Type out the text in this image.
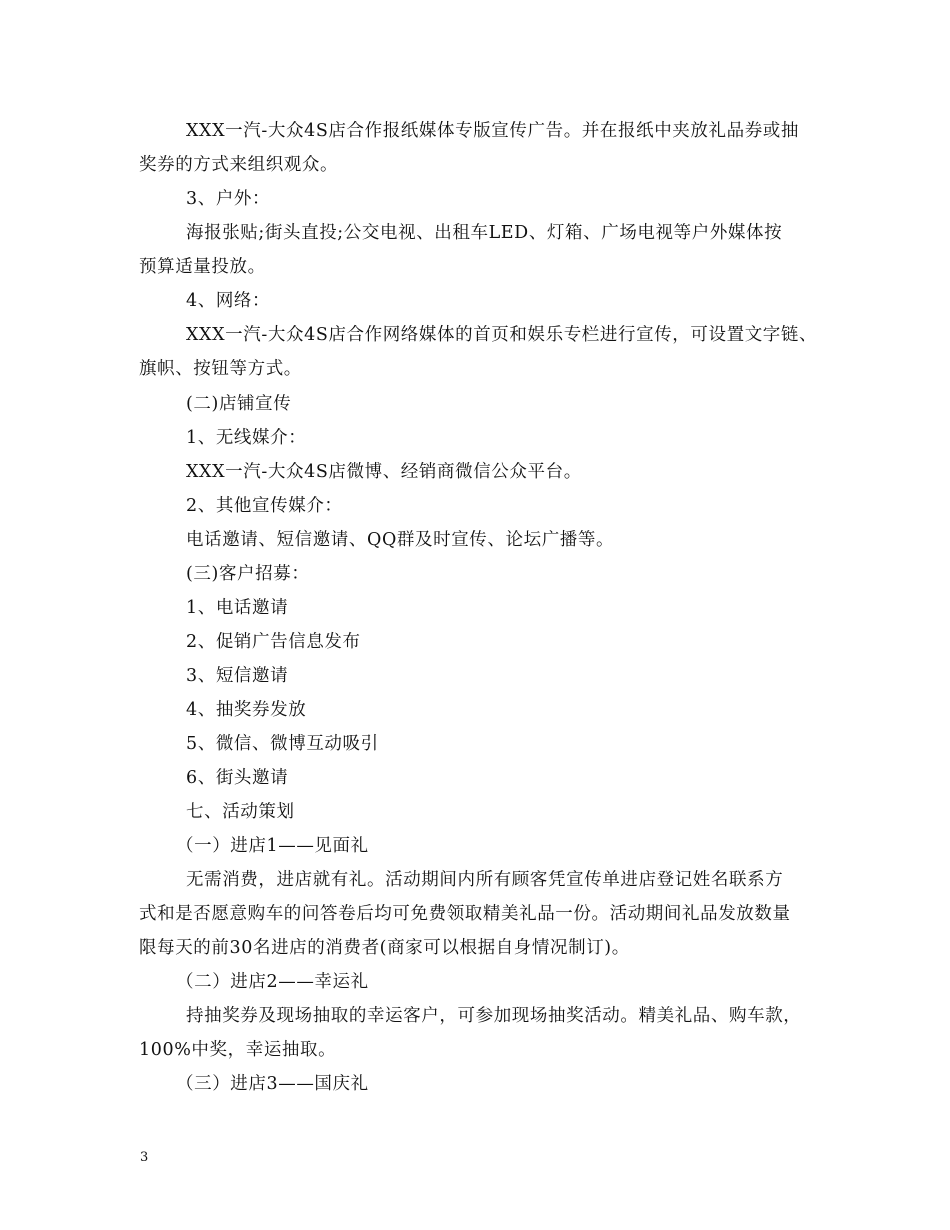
XXX一汽-大众4S店合作报纸媒体专版宣传广告。并在报纸中夹放礼品券或抽

奖券的方式来组织观众。

3、户外：

海报张贴;街头直投;公交电视、出租车LED、灯箱、广场电视等户外媒体按

预算适量投放。

4、网络：

XXX一汽-大众4S店合作网络媒体的首页和娱乐专栏进行宣传，可设置文字链、

旗帜、按钮等方式。

(二)店铺宣传

1、无线媒介：

XXX一汽-大众4S店微博、经销商微信公众平台。

2、其他宣传媒介：

电话邀请、短信邀请、QQ群及时宣传、论坛广播等。

(三)客户招募：

1、电话邀请

2、促销广告信息发布

3、短信邀请

4、抽奖券发放

5、微信、微博互动吸引

6、街头邀请

七、活动策划

（一）进店1——见面礼

无需消费，进店就有礼。活动期间内所有顾客凭宣传单进店登记姓名联系方

式和是否愿意购车的问答卷后均可免费领取精美礼品一份。活动期间礼品发放数量

限每天的前30名进店的消费者(商家可以根据自身情况制订)。

（二）进店2——幸运礼

持抽奖券及现场抽取的幸运客户，可参加现场抽奖活动。精美礼品、购车款，

100%中奖，幸运抽取。

（三）进店3——国庆礼

3
